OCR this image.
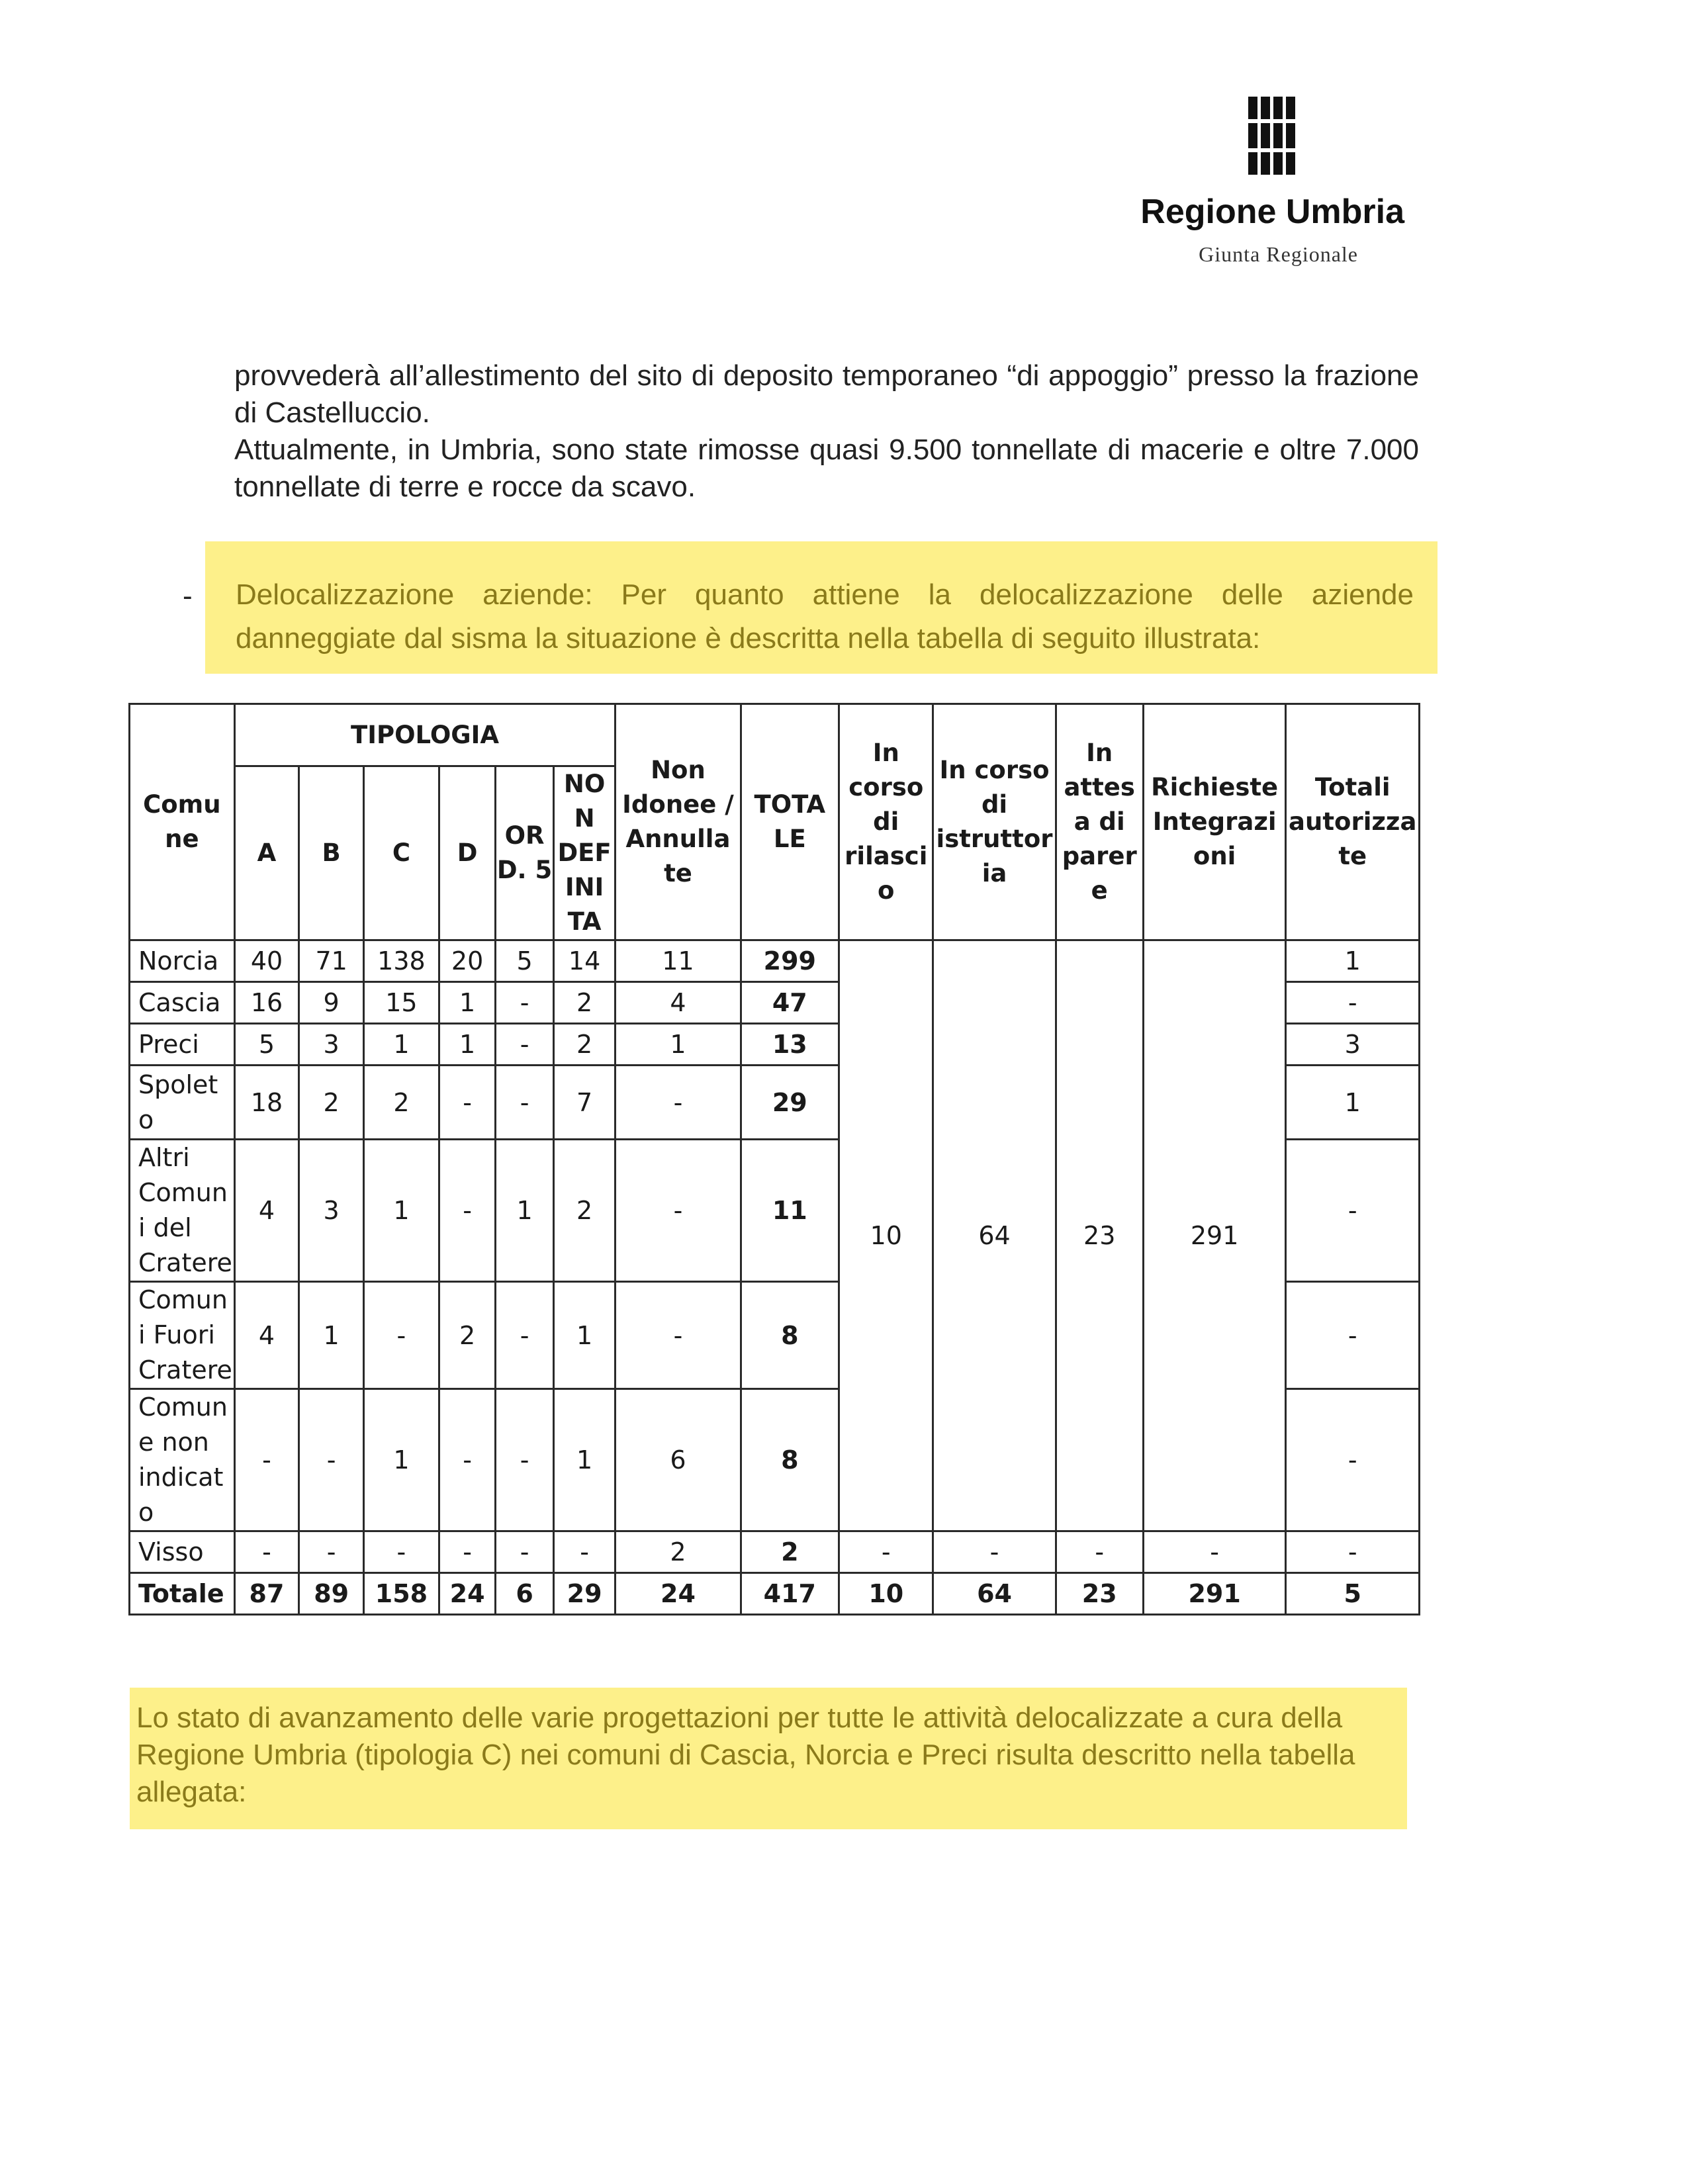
Regione Umbria
Giunta Regionale

provvederà all’allestimento del sito di deposito temporaneo “di appoggio” presso la frazione di Castelluccio.

Attualmente, in Umbria, sono state rimosse quasi 9.500 tonnellate di macerie e oltre 7.000 tonnellate di terre e rocce da scavo.

- Delocalizzazione aziende: Per quanto attiene la delocalizzazione delle aziende danneggiate dal sisma la situazione è descritta nella tabella di seguito illustrata:
Comu ne	TIPOLOGIA						Non Idonee / Annulla te	TOTA LE	In corso di rilasci o	In corso di istruttor ia	In attes a di parer e	Richieste Integrazi oni	Totali autorizza te
	A	B	C	D	OR D. 5	NO N DEF INI TA							
Norcia	40	71	138	20	5	14	11	299	10	64	23	291	1
Cascia	16	9	15	1	-	2	4	47					-
Preci	5	3	1	1	-	2	1	13					3
Spolet o	18	2	2	-	-	7	-	29					1
Altri Comun i del Cratere	4	3	1	-	1	2	-	11					-
Comun i Fuori Cratere	4	1	-	2	-	1	-	8					-
Comun e non indicat o	-	-	1	-	-	1	6	8					-
Visso	-	-	-	-	-	-	2	2	-	-	-	-	-
Totale	87	89	158	24	6	29	24	417	10	64	23	291	5
Lo stato di avanzamento delle varie progettazioni per tutte le attività delocalizzate a cura della Regione Umbria (tipologia C) nei comuni di Cascia, Norcia e Preci risulta descritto nella tabella allegata:
